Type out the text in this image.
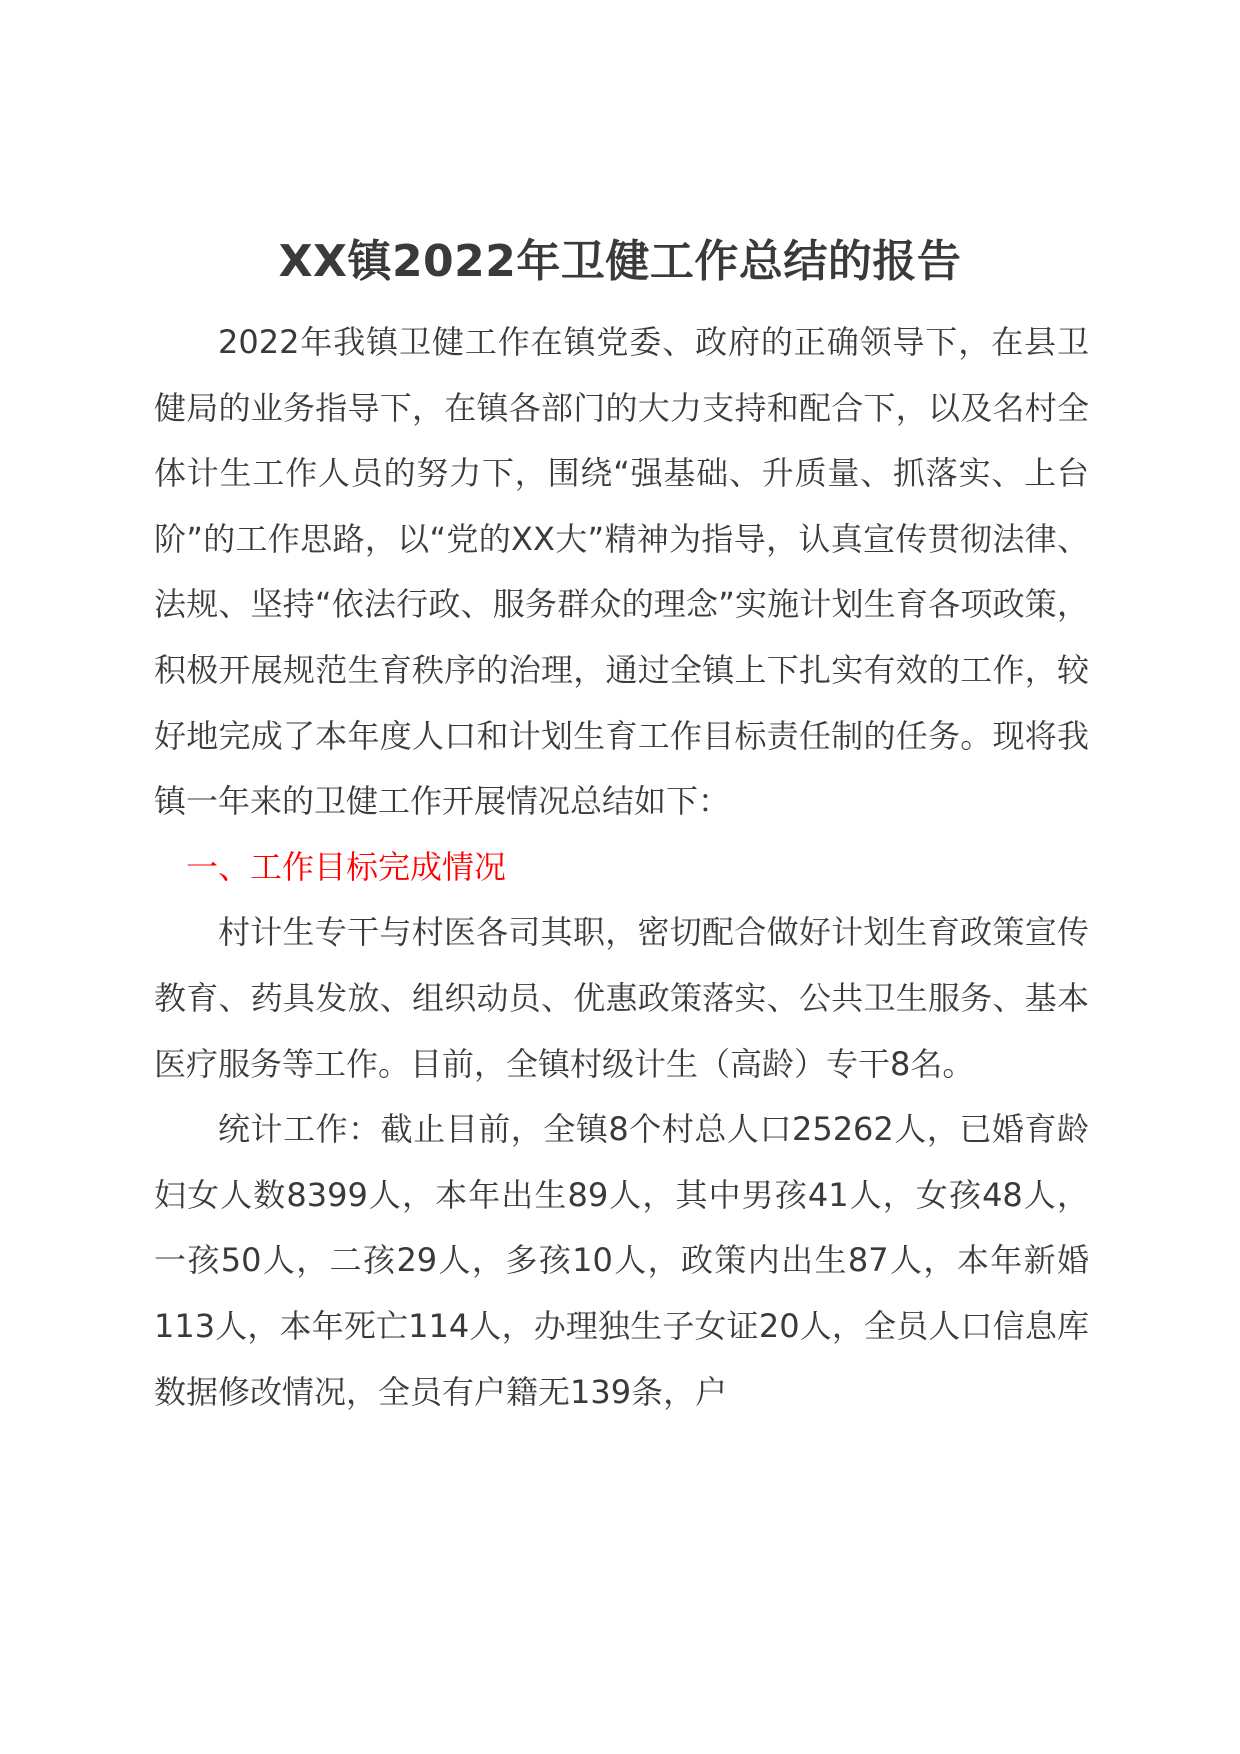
XX镇2022年卫健工作总结的报告

2022年我镇卫健工作在镇党委、政府的正确领导下，在县卫健局的业务指导下，在镇各部门的大力支持和配合下，以及名村全体计生工作人员的努力下，围绕“强基础、升质量、抓落实、上台阶”的工作思路，以“党的XX大”精神为指导，认真宣传贯彻法律、法规、坚持“依法行政、服务群众的理念”实施计划生育各项政策，积极开展规范生育秩序的治理，通过全镇上下扎实有效的工作，较好地完成了本年度人口和计划生育工作目标责任制的任务。现将我镇一年来的卫健工作开展情况总结如下：

一、工作目标完成情况

村计生专干与村医各司其职，密切配合做好计划生育政策宣传教育、药具发放、组织动员、优惠政策落实、公共卫生服务、基本医疗服务等工作。目前，全镇村级计生（高龄）专干8名。

统计工作：截止目前，全镇8个村总人口25262人，已婚育龄妇女人数8399人，本年出生89人，其中男孩41人，女孩48人，一孩50人，二孩29人，多孩10人，政策内出生87人，本年新婚113人，本年死亡114人，办理独生子女证20人，全员人口信息库数据修改情况，全员有户籍无139条，户
